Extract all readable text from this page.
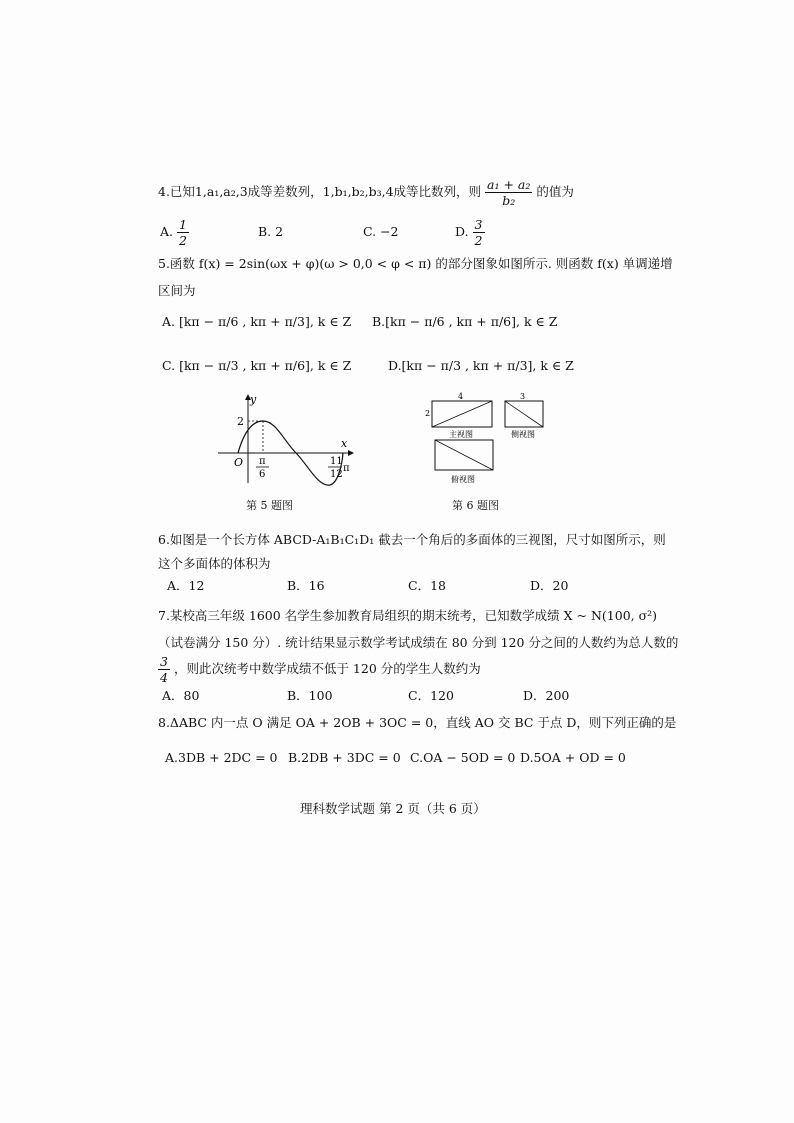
4.已知1,a₁,a₂,3成等差数列，1,b₁,b₂,b₃,4成等比数列，则 $\frac{\text{a₁ + a₂}}{\text{b₂}}$ 的值为
A. $\frac{1}{2}$	B. 2	C. −2	D. $\frac{3}{2}$
5.函数 f(x) = 2sin(ωx + φ)(ω > 0,0 < φ < π) 的部分图象如图所示. 则函数 f(x) 单调递增
区间为
A. [kπ − π/6 , kπ + π/3], k ∈ Z B.[kπ − π/6 , kπ + π/6], k ∈ Z
C. [kπ − π/3 , kπ + π/6], k ∈ Z	D.[kπ − π/3 , kπ + π/3], k ∈ Z
y
x
O
2
π
6
11
12
π
第 5 题图
4
2
3
主视图	侧视图
俯视图
第 6 题图
6.如图是一个长方体 ABCD-A₁B₁C₁D₁ 截去一个角后的多面体的三视图，尺寸如图所示，则
这个多面体的体积为
A．12	B．16	C．18	D．20
7.某校高三年级 1600 名学生参加教育局组织的期末统考，已知数学成绩 X ~ N(100, σ²)
（试卷满分 150 分）. 统计结果显示数学考试成绩在 80 分到 120 分之间的人数约为总人数的
$\frac{3}{4}$ ，则此次统考中数学成绩不低于 120 分的学生人数约为
A．80	B．100	C．120	D．200
8.ΔABC 内一点 O 满足 OA + 2OB + 3OC = 0，直线 AO 交 BC 于点 D，则下列正确的是
A.3DB + 2DC = 0 B.2DB + 3DC = 0 C.OA − 5OD = 0 D.5OA + OD = 0
理科数学试题 第 2 页（共 6 页）
